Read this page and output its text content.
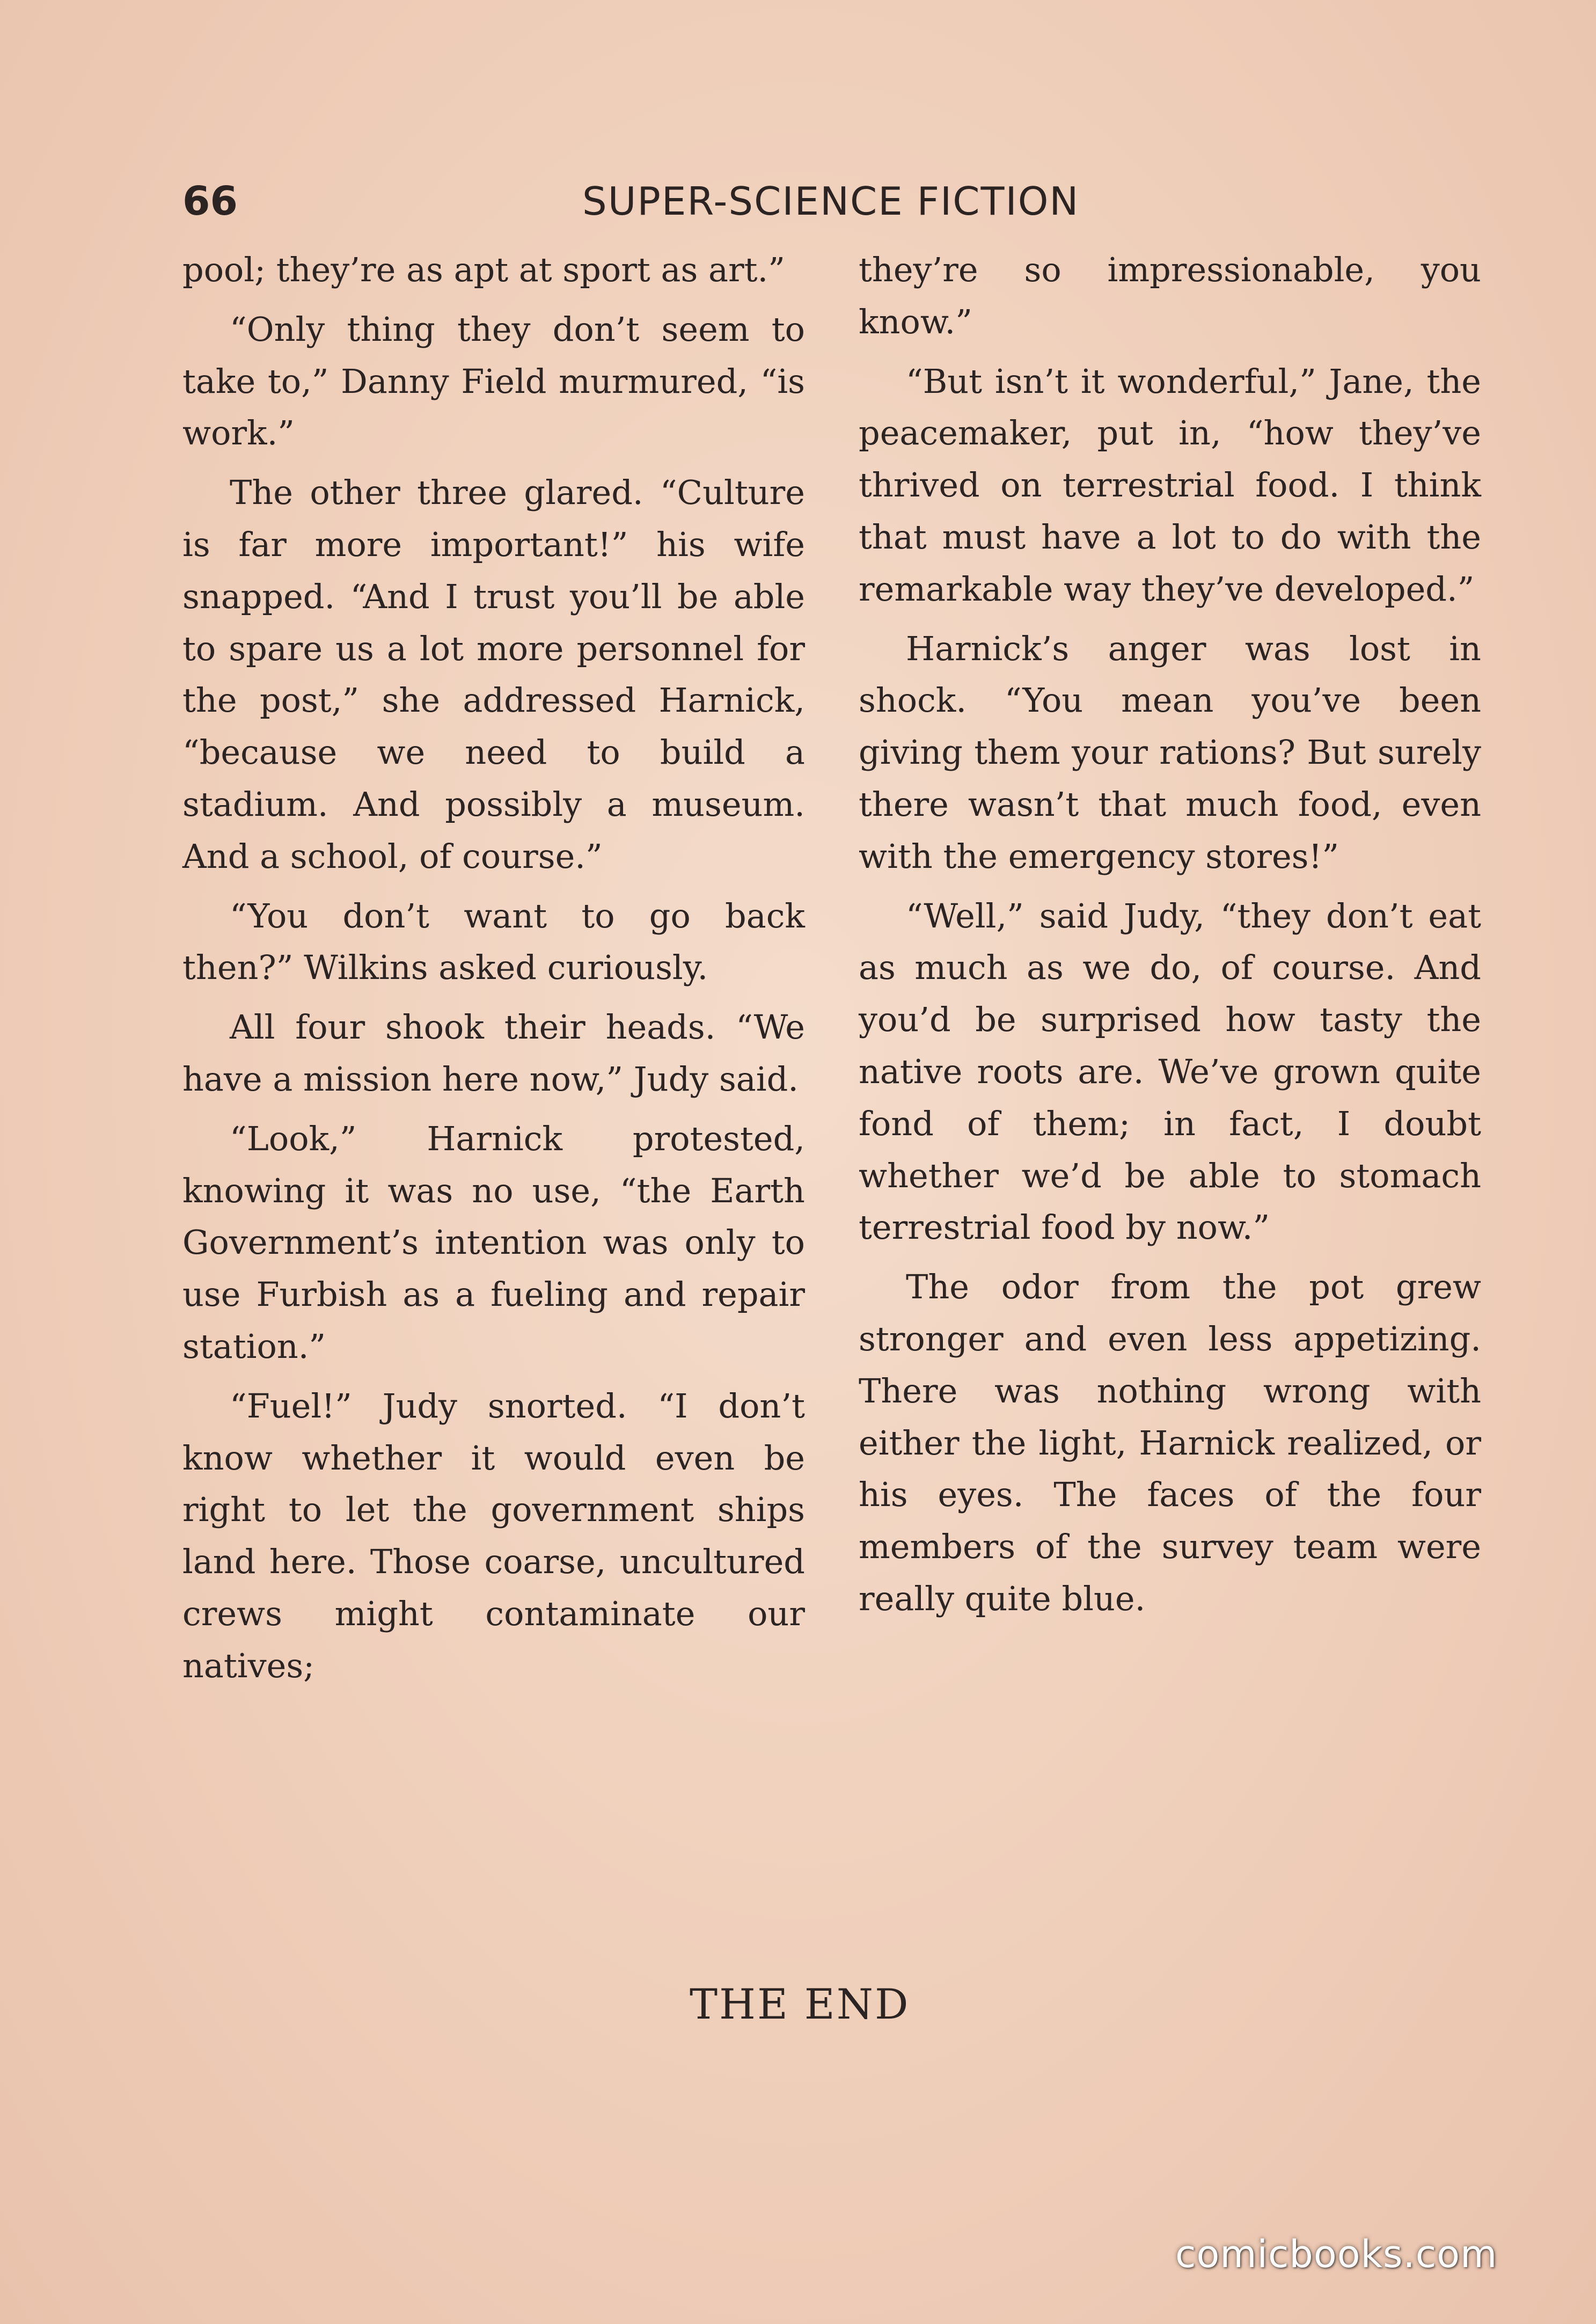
66	SUPER-SCIENCE FICTION

pool; they’re as apt at sport as art.”

“Only thing they don’t seem to take to,” Danny Field murmured, “is work.”

The other three glared. “Culture is far more important!” his wife snapped. “And I trust you’ll be able to spare us a lot more personnel for the post,” she addressed Harnick, “because we need to build a stadium. And possibly a museum. And a school, of course.”

“You don’t want to go back then?” Wilkins asked curiously.

All four shook their heads. “We have a mission here now,” Judy said.

“Look,” Harnick protested, knowing it was no use, “the Earth Government’s intention was only to use Furbish as a fueling and repair station.”

“Fuel!” Judy snorted. “I don’t know whether it would even be right to let the government ships land here. Those coarse, uncultured crews might contaminate our natives;

they’re so impressionable, you know.”

“But isn’t it wonderful,” Jane, the peacemaker, put in, “how they’ve thrived on terrestrial food. I think that must have a lot to do with the remarkable way they’ve developed.”

Harnick’s anger was lost in shock. “You mean you’ve been giving them your rations? But surely there wasn’t that much food, even with the emergency stores!”

“Well,” said Judy, “they don’t eat as much as we do, of course. And you’d be surprised how tasty the native roots are. We’ve grown quite fond of them; in fact, I doubt whether we’d be able to stomach terrestrial food by now.”

The odor from the pot grew stronger and even less appetizing. There was nothing wrong with either the light, Harnick realized, or his eyes. The faces of the four members of the survey team were really quite blue.

THE END
comicbooks.com
